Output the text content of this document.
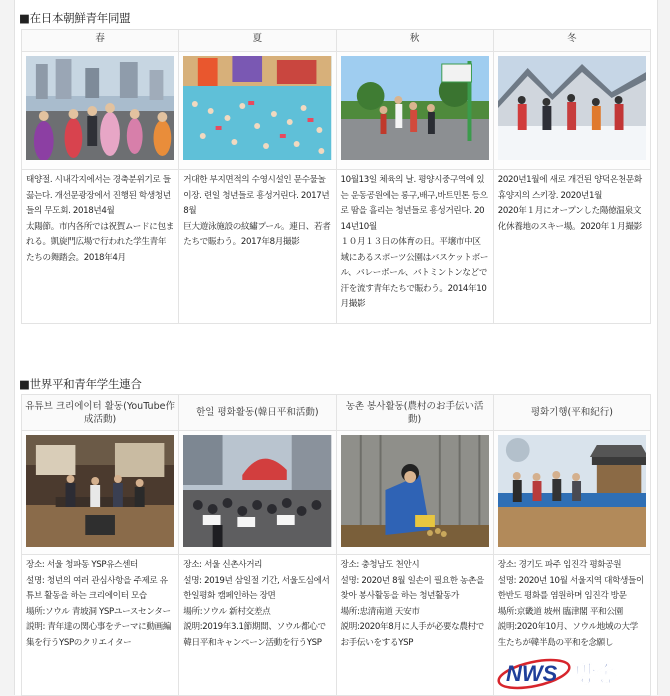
■在日本朝鮮青年同盟
春	夏	秋	冬

태양절. 시내각지에서는 경축분위기로 들끓는다. 개선문광장에서 진행된 학생청년들의 무도회. 2018년4월
太陽節。市内各所では祝賀ムードに包まれる。凱旋門広場で行われた学生青年たちの舞踏会。2018年4月	거대한 부지면적의 수영시설인 문수물놀이장. 련일 청년들로 흥성거린다. 2017년8월
巨大遊泳施設の紋繡プール。連日、若者たちで賑わう。2017年8月撮影	10월13일 체육의 날. 평양시중구역에 있는 운동공원에는 롱구,배구,바트민톤 등으로 땀을 흘리는 청년들로 흥성거린다. 2014년10월
１０月１３日の体育の日。平壌市中区域にあるスポーツ公園はバスケットボール、バレーボール、バトミントンなどで汗を流す青年たちで賑わう。2014年10月撮影	2020년1월에 새로 개건된 양덕온천문화휴양지의 스키장. 2020년1월
2020年１月にオープンした陽徳温泉文化休養地のスキー場。2020年１月撮影
■世界平和青年学生連合
유튜브 크리에이터 활동(YouTube作成活動)	한일 평화활동(韓日平和活動)	농촌 봉사활동(農村のお手伝い活動)	평화기행(平和紀行)

장소: 서울 청파동 YSP유스센터
설명: 청년의 여러 관심사항을 주제로 유튜브 활동을 하는 크리에이터 모습
場所:ソウル 青坡洞 YSPユースセンター
説明: 青年達の関心事をテーマに動画編集を行うYSPのクリエイター	장소: 서울 신촌사거리
설명: 2019년 삼일절 기간, 서울도심에서 한일평화 캠페인하는 장면
場所:ソウル 新村交差点
説明:2019年3.1節期間、ソウル都心で韓日平和キャンペーン活動を行うYSP	장소: 충청남도 천안시
설명: 2020년 8월 일손이 필요한 농촌을 찾아 봉사활동을 하는 청년활동가
場所:忠清南道 天安市
説明:2020年8月に人手が必要な農村でお手伝いをするYSP	장소: 경기도 파주 임진각 평화공원
설명: 2020년 10월 서울지역 대학생들이 한반도 평화를 염원하며 임진각 방문
場所:京畿道 坡州 臨津閣 平和公園
説明:2020年10月、ソウル地域の大学生たちが韓半島の平和を念願し
NWS 방송
